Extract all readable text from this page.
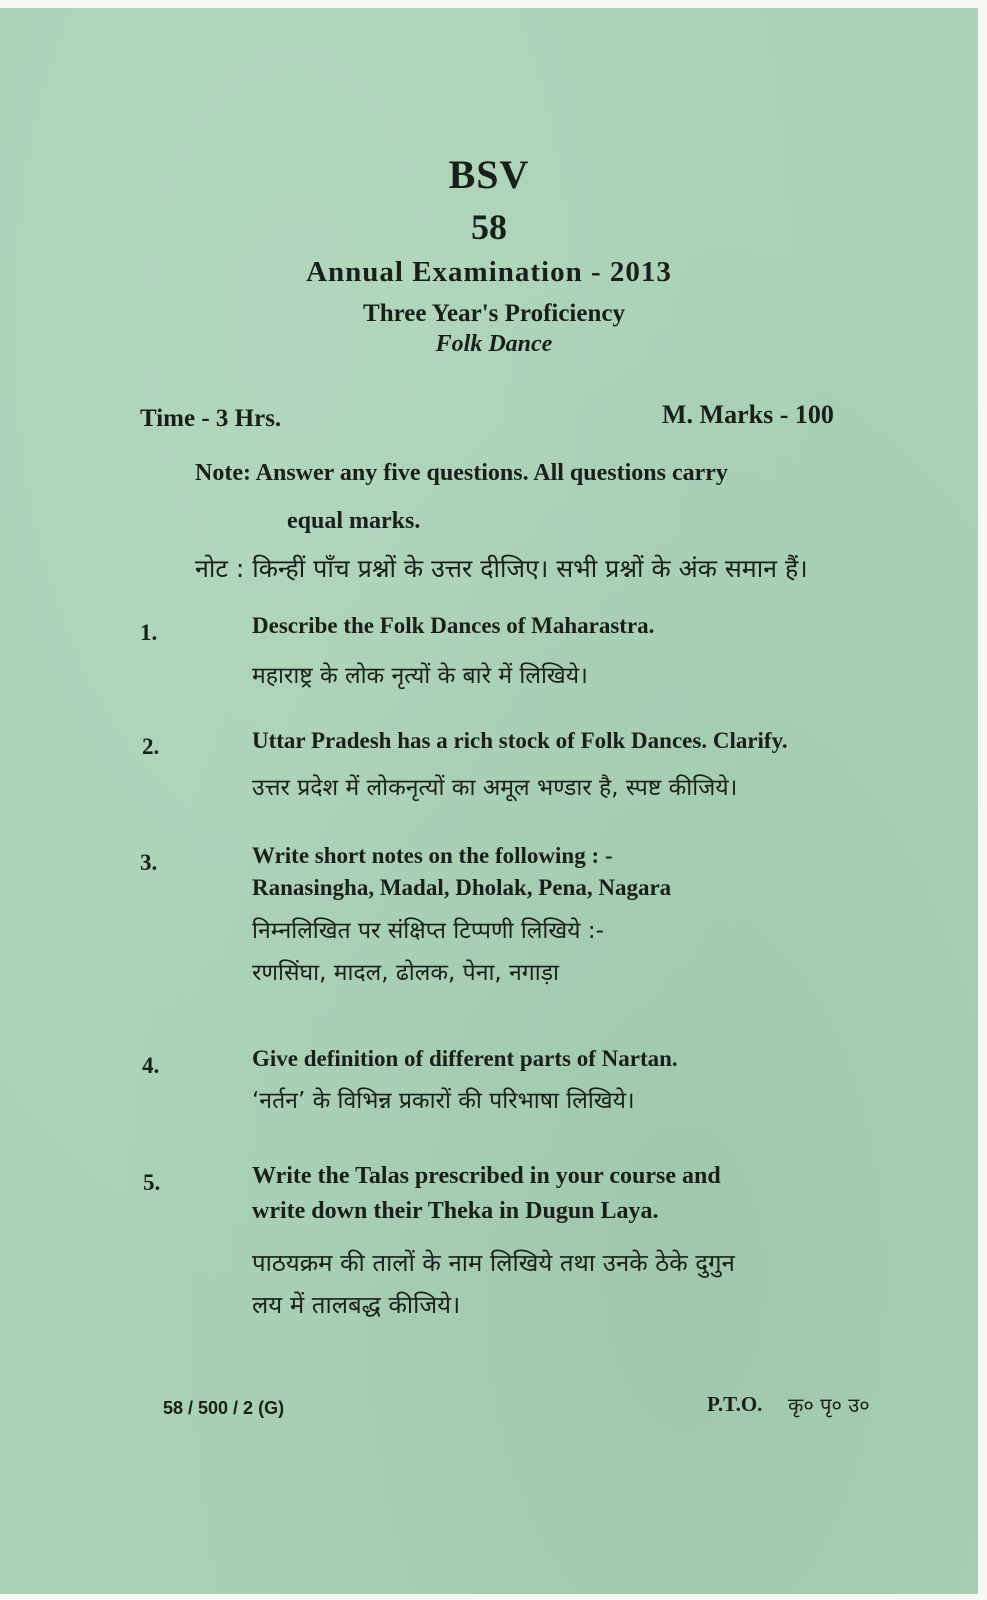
BSV

58

Annual Examination - 2013

Three Year's Proficiency

Folk Dance

Time - 3 Hrs.	M. Marks - 100

Note: Answer any five questions. All questions carry

equal marks.

नोट : किन्हीं पाँच प्रश्नों के उत्तर दीजिए। सभी प्रश्नों के अंक समान हैं।

1.	Describe the Folk Dances of Maharastra.

महाराष्ट्र के लोक नृत्यों के बारे में लिखिये।

2.	Uttar Pradesh has a rich stock of Folk Dances. Clarify.

उत्तर प्रदेश में लोकनृत्यों का अमूल भण्डार है, स्पष्ट कीजिये।

3.	Write short notes on the following : -

Ranasingha, Madal, Dholak, Pena, Nagara

निम्नलिखित पर संक्षिप्त टिप्पणी लिखिये :-

रणसिंघा, मादल, ढोलक, पेना, नगाड़ा

4.	Give definition of different parts of Nartan.

‘नर्तन’ के विभिन्न प्रकारों की परिभाषा लिखिये।

5.	Write the Talas prescribed in your course and

write down their Theka in Dugun Laya.

पाठयक्रम की तालों के नाम लिखिये तथा उनके ठेके दुगुन

लय में तालबद्ध कीजिये।

58 / 500 / 2 (G)	P.T.O. कृ० पृ० उ०
